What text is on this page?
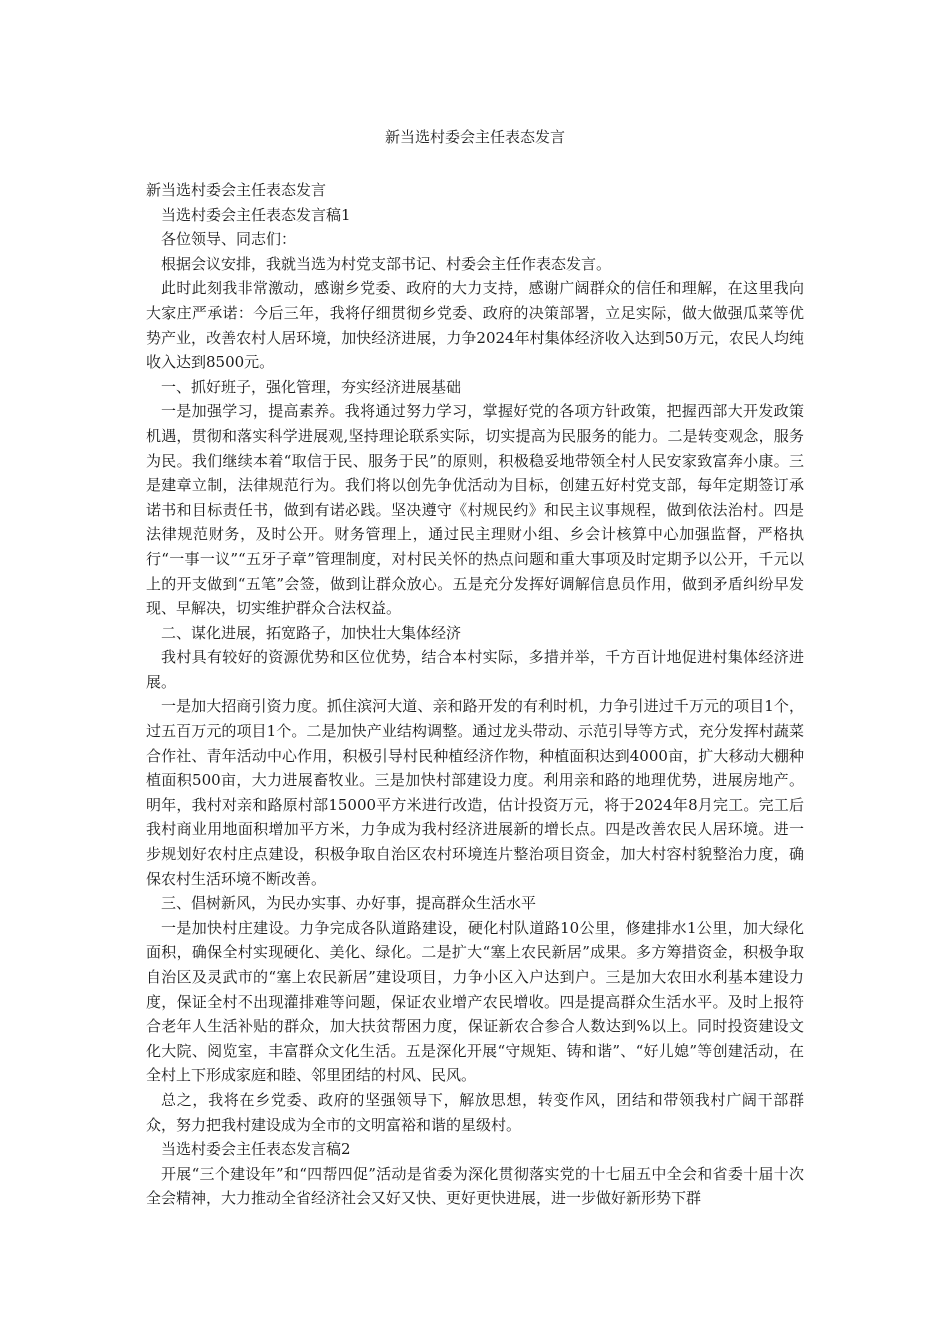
新当选村委会主任表态发言

新当选村委会主任表态发言

当选村委会主任表态发言稿1

各位领导、同志们：

根据会议安排，我就当选为村党支部书记、村委会主任作表态发言。

此时此刻我非常激动，感谢乡党委、政府的大力支持，感谢广阔群众的信任和理解，在这里我向大家庄严承诺：今后三年，我将仔细贯彻乡党委、政府的决策部署，立足实际，做大做强瓜菜等优势产业，改善农村人居环境，加快经济进展，力争2024年村集体经济收入达到50万元，农民人均纯收入达到8500元。

一、抓好班子，强化管理，夯实经济进展基础

一是加强学习，提高素养。我将通过努力学习，掌握好党的各项方针政策，把握西部大开发政策机遇，贯彻和落实科学进展观,坚持理论联系实际，切实提高为民服务的能力。二是转变观念，服务为民。我们继续本着“取信于民、服务于民”的原则，积极稳妥地带领全村人民安家致富奔小康。三是建章立制，法律规范行为。我们将以创先争优活动为目标，创建五好村党支部，每年定期签订承诺书和目标责任书，做到有诺必践。坚决遵守《村规民约》和民主议事规程，做到依法治村。四是法律规范财务，及时公开。财务管理上，通过民主理财小组、乡会计核算中心加强监督，严格执行“一事一议”“五牙子章”管理制度，对村民关怀的热点问题和重大事项及时定期予以公开，千元以上的开支做到“五笔”会签，做到让群众放心。五是充分发挥好调解信息员作用，做到矛盾纠纷早发现、早解决，切实维护群众合法权益。

二、谋化进展，拓宽路子，加快壮大集体经济

我村具有较好的资源优势和区位优势，结合本村实际，多措并举，千方百计地促进村集体经济进展。

一是加大招商引资力度。抓住滨河大道、亲和路开发的有利时机，力争引进过千万元的项目1个，过五百万元的项目1个。二是加快产业结构调整。通过龙头带动、示范引导等方式，充分发挥村蔬菜合作社、青年活动中心作用，积极引导村民种植经济作物，种植面积达到4000亩，扩大移动大棚种植面积500亩，大力进展畜牧业。三是加快村部建设力度。利用亲和路的地理优势，进展房地产。明年，我村对亲和路原村部15000平方米进行改造，估计投资万元，将于2024年8月完工。完工后我村商业用地面积增加平方米，力争成为我村经济进展新的增长点。四是改善农民人居环境。进一步规划好农村庄点建设，积极争取自治区农村环境连片整治项目资金，加大村容村貌整治力度，确保农村生活环境不断改善。

三、倡树新风，为民办实事、办好事，提高群众生活水平

一是加快村庄建设。力争完成各队道路建设，硬化村队道路10公里，修建排水1公里，加大绿化面积，确保全村实现硬化、美化、绿化。二是扩大“塞上农民新居”成果。多方筹措资金，积极争取自治区及灵武市的“塞上农民新居”建设项目，力争小区入户达到户。三是加大农田水利基本建设力度，保证全村不出现灌排难等问题，保证农业增产农民增收。四是提高群众生活水平。及时上报符合老年人生活补贴的群众，加大扶贫帮困力度，保证新农合参合人数达到%以上。同时投资建设文化大院、阅览室，丰富群众文化生活。五是深化开展“守规矩、铸和谐”、“好儿媳”等创建活动，在全村上下形成家庭和睦、邻里团结的村风、民风。

总之，我将在乡党委、政府的坚强领导下，解放思想，转变作风，团结和带领我村广阔干部群众，努力把我村建设成为全市的文明富裕和谐的星级村。

当选村委会主任表态发言稿2

开展“三个建设年”和“四帮四促”活动是省委为深化贯彻落实党的十七届五中全会和省委十届十次全会精神，大力推动全省经济社会又好又快、更好更快进展，进一步做好新形势下群
